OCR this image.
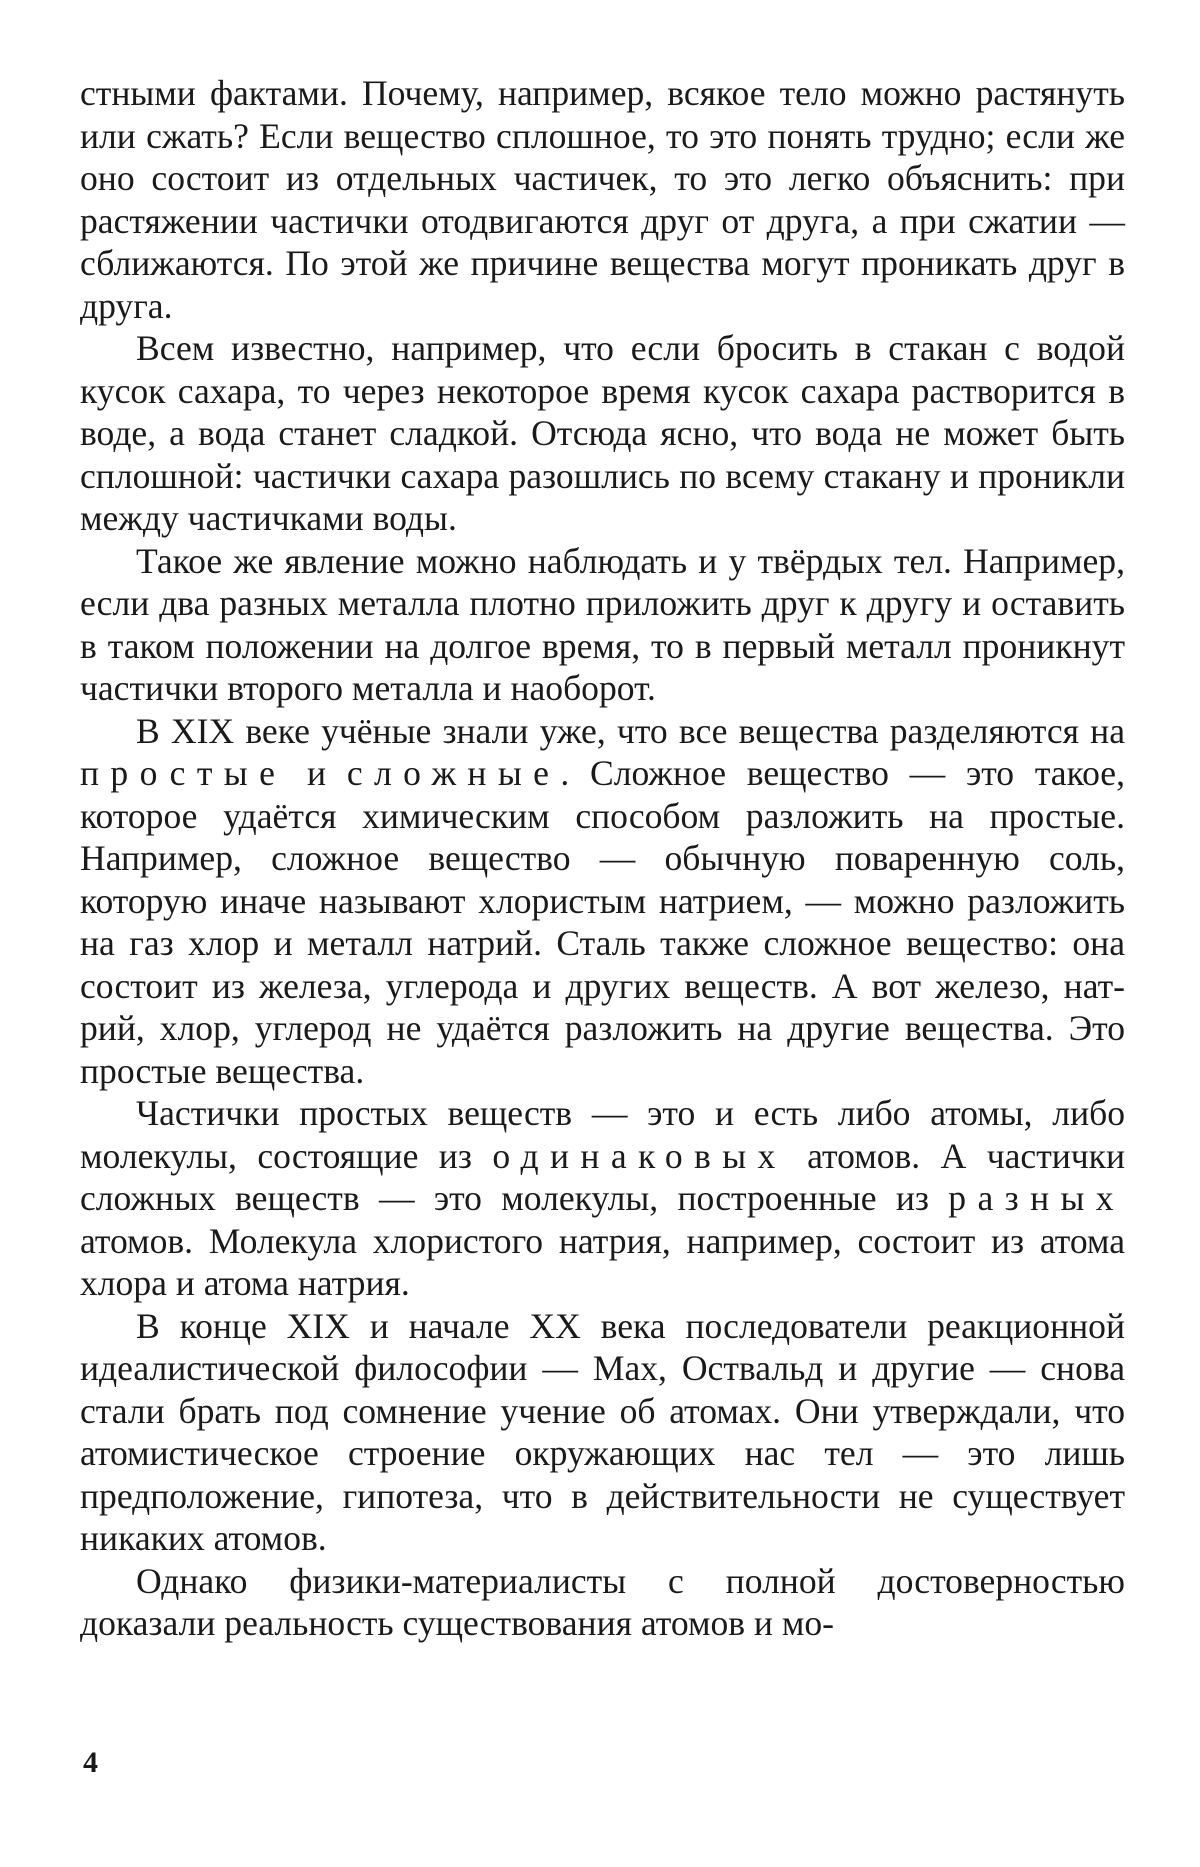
стными фактами. Почему, например, всякое тело можно растянуть или сжать? Если вещество сплошное, то это понять трудно; если же оно состоит из отдельных частичек, то это легко объяснить: при растяжении частички отодвигаются друг от друга, а при сжатии — сближаются. По этой же причине вещества могут проникать друг в друга.

Всем известно, например, что если бросить в стакан с водой кусок сахара, то через некоторое время кусок сахара растворится в воде, а вода станет сладкой. Отсюда ясно, что вода не может быть сплошной: частички сахара разошлись по всему стакану и проникли между частичками воды.

Такое же явление можно наблюдать и у твёрдых тел. Например, если два разных металла плотно приложить друг к другу и оставить в таком положении на долгое время, то в первый металл проникнут частички второго металла и наоборот.

В XIX веке учёные знали уже, что все вещества разделяются на простые и сложные. Сложное вещество — это такое, которое удаётся химическим способом разложить на простые. Например, сложное вещество — обычную поваренную соль, которую иначе называют хлористым натрием, — можно разложить на газ хлор и металл натрий. Сталь также сложное вещество: она состоит из железа, углерода и других веществ. А вот железо, натрий, хлор, углерод не удаётся разложить на другие вещества. Это простые вещества.

Частички простых веществ — это и есть либо атомы, либо молекулы, состоящие из одинаковых атомов. А частички сложных веществ — это молекулы, построенные из разных атомов. Молекула хлористого натрия, например, состоит из атома хлора и атома натрия.

В конце XIX и начале XX века последователи реакционной идеалистической философии — Мах, Оствальд и другие — снова стали брать под сомнение учение об атомах. Они утверждали, что атомистическое строение окружающих нас тел — это лишь предположение, гипотеза, что в действительности не существует никаких атомов.

Однако физики-материалисты с полной достоверностью доказали реальность существования атомов и мо-

4
